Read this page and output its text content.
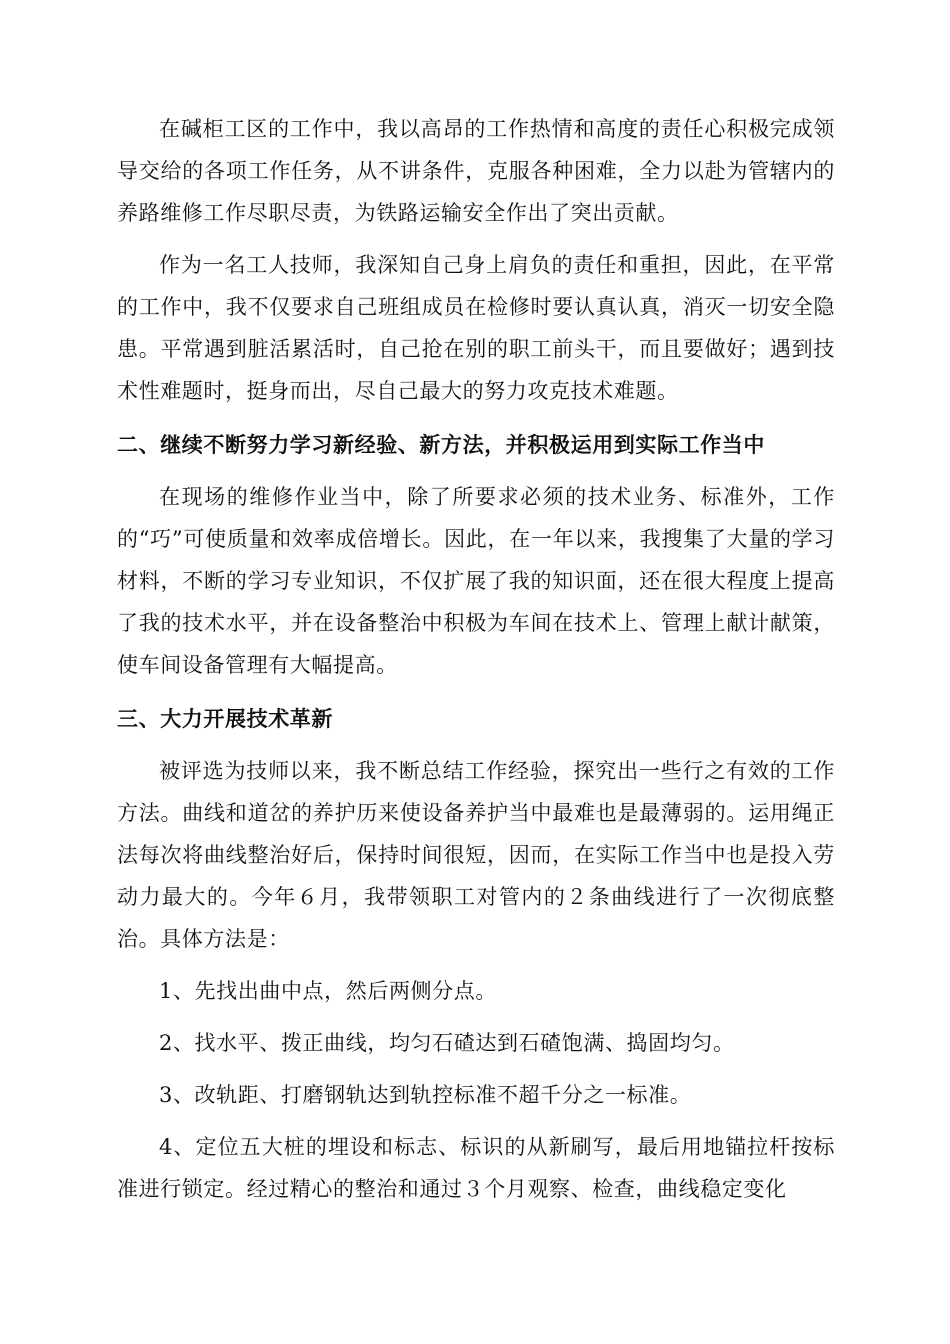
在碱柜工区的工作中，我以高昂的工作热情和高度的责任心积极完成领导交给的各项工作任务，从不讲条件，克服各种困难，全力以赴为管辖内的养路维修工作尽职尽责，为铁路运输安全作出了突出贡献。

作为一名工人技师，我深知自己身上肩负的责任和重担，因此，在平常的工作中，我不仅要求自己班组成员在检修时要认真认真，消灭一切安全隐患。平常遇到脏活累活时，自己抢在别的职工前头干，而且要做好；遇到技术性难题时，挺身而出，尽自己最大的努力攻克技术难题。

二、继续不断努力学习新经验、新方法，并积极运用到实际工作当中

在现场的维修作业当中，除了所要求必须的技术业务、标准外，工作的“巧”可使质量和效率成倍增长。因此，在一年以来，我搜集了大量的学习材料，不断的学习专业知识，不仅扩展了我的知识面，还在很大程度上提高了我的技术水平，并在设备整治中积极为车间在技术上、管理上献计献策，使车间设备管理有大幅提高。

三、大力开展技术革新

被评选为技师以来，我不断总结工作经验，探究出一些行之有效的工作方法。曲线和道岔的养护历来使设备养护当中最难也是最薄弱的。运用绳正法每次将曲线整治好后，保持时间很短，因而，在实际工作当中也是投入劳动力最大的。今年６月，我带领职工对管内的２条曲线进行了一次彻底整治。具体方法是：

1、先找出曲中点，然后两侧分点。

2、找水平、拨正曲线，均匀石碴达到石碴饱满、捣固均匀。

3、改轨距、打磨钢轨达到轨控标准不超千分之一标准。

4、定位五大桩的埋设和标志、标识的从新刷写，最后用地锚拉杆按标准进行锁定。经过精心的整治和通过３个月观察、检查，曲线稳定变化
